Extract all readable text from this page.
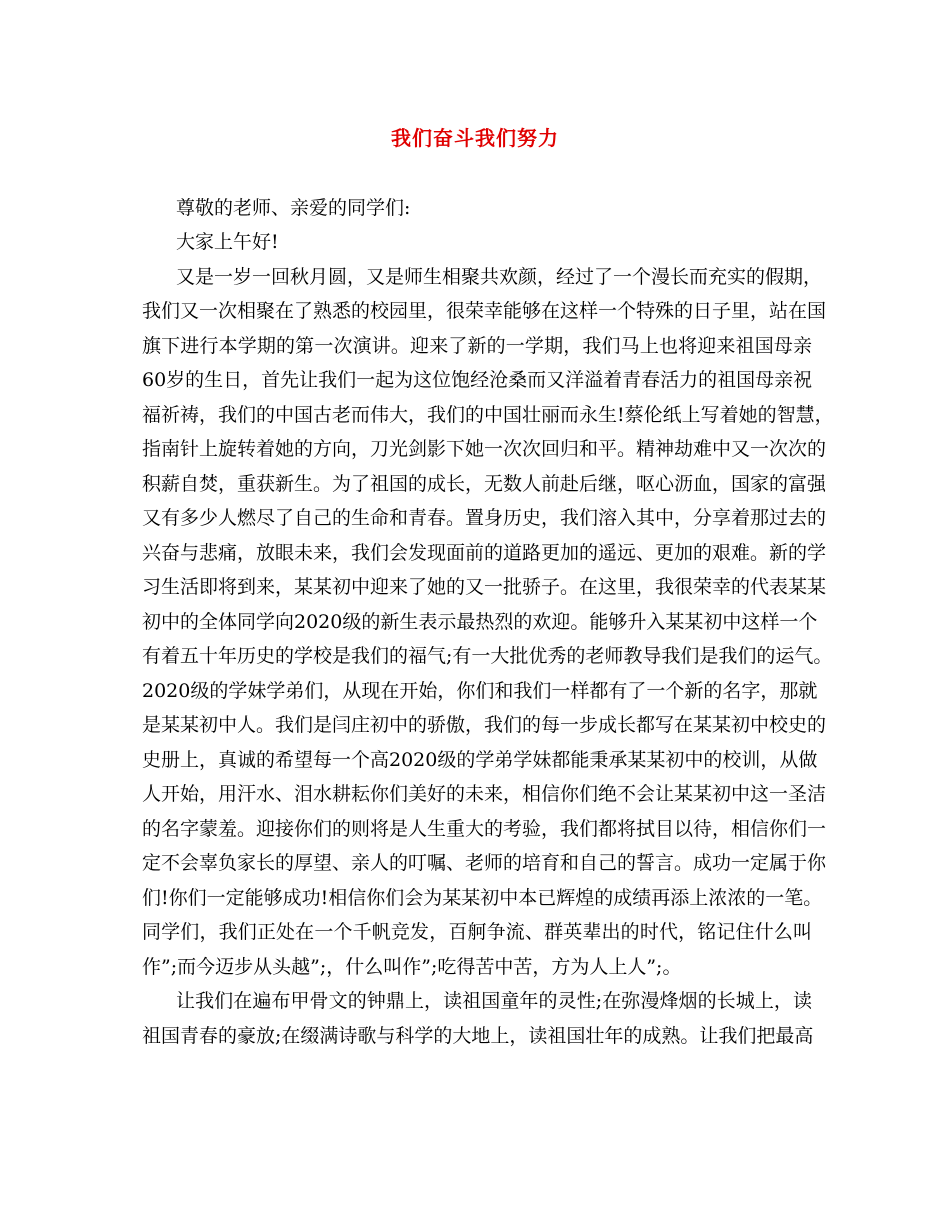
我们奋斗我们努力
尊敬的老师、亲爱的同学们:
大家上午好!
又是一岁一回秋月圆，又是师生相聚共欢颜，经过了一个漫长而充实的假期，
我们又一次相聚在了熟悉的校园里，很荣幸能够在这样一个特殊的日子里，站在国
旗下进行本学期的第一次演讲。迎来了新的一学期，我们马上也将迎来祖国母亲
60岁的生日，首先让我们一起为这位饱经沧桑而又洋溢着青春活力的祖国母亲祝
福祈祷，我们的中国古老而伟大，我们的中国壮丽而永生!蔡伦纸上写着她的智慧，
指南针上旋转着她的方向，刀光剑影下她一次次回归和平。精神劫难中又一次次的
积薪自焚，重获新生。为了祖国的成长，无数人前赴后继，呕心沥血，国家的富强
又有多少人燃尽了自己的生命和青春。置身历史，我们溶入其中，分享着那过去的
兴奋与悲痛，放眼未来，我们会发现面前的道路更加的遥远、更加的艰难。新的学
习生活即将到来，某某初中迎来了她的又一批骄子。在这里，我很荣幸的代表某某
初中的全体同学向2020级的新生表示最热烈的欢迎。能够升入某某初中这样一个
有着五十年历史的学校是我们的福气;有一大批优秀的老师教导我们是我们的运气。
2020级的学妹学弟们，从现在开始，你们和我们一样都有了一个新的名字，那就
是某某初中人。我们是闫庄初中的骄傲，我们的每一步成长都写在某某初中校史的
史册上，真诚的希望每一个高2020级的学弟学妹都能秉承某某初中的校训，从做
人开始，用汗水、泪水耕耘你们美好的未来，相信你们绝不会让某某初中这一圣洁
的名字蒙羞。迎接你们的则将是人生重大的考验，我们都将拭目以待，相信你们一
定不会辜负家长的厚望、亲人的叮嘱、老师的培育和自己的誓言。成功一定属于你
们!你们一定能够成功!相信你们会为某某初中本已辉煌的成绩再添上浓浓的一笔。
同学们，我们正处在一个千帆竞发，百舸争流、群英辈出的时代，铭记住什么叫
作”;而今迈步从头越”;，什么叫作”;吃得苦中苦，方为人上人”;。
让我们在遍布甲骨文的钟鼎上，读祖国童年的灵性;在弥漫烽烟的长城上，读
祖国青春的豪放;在缀满诗歌与科学的大地上，读祖国壮年的成熟。让我们把最高
